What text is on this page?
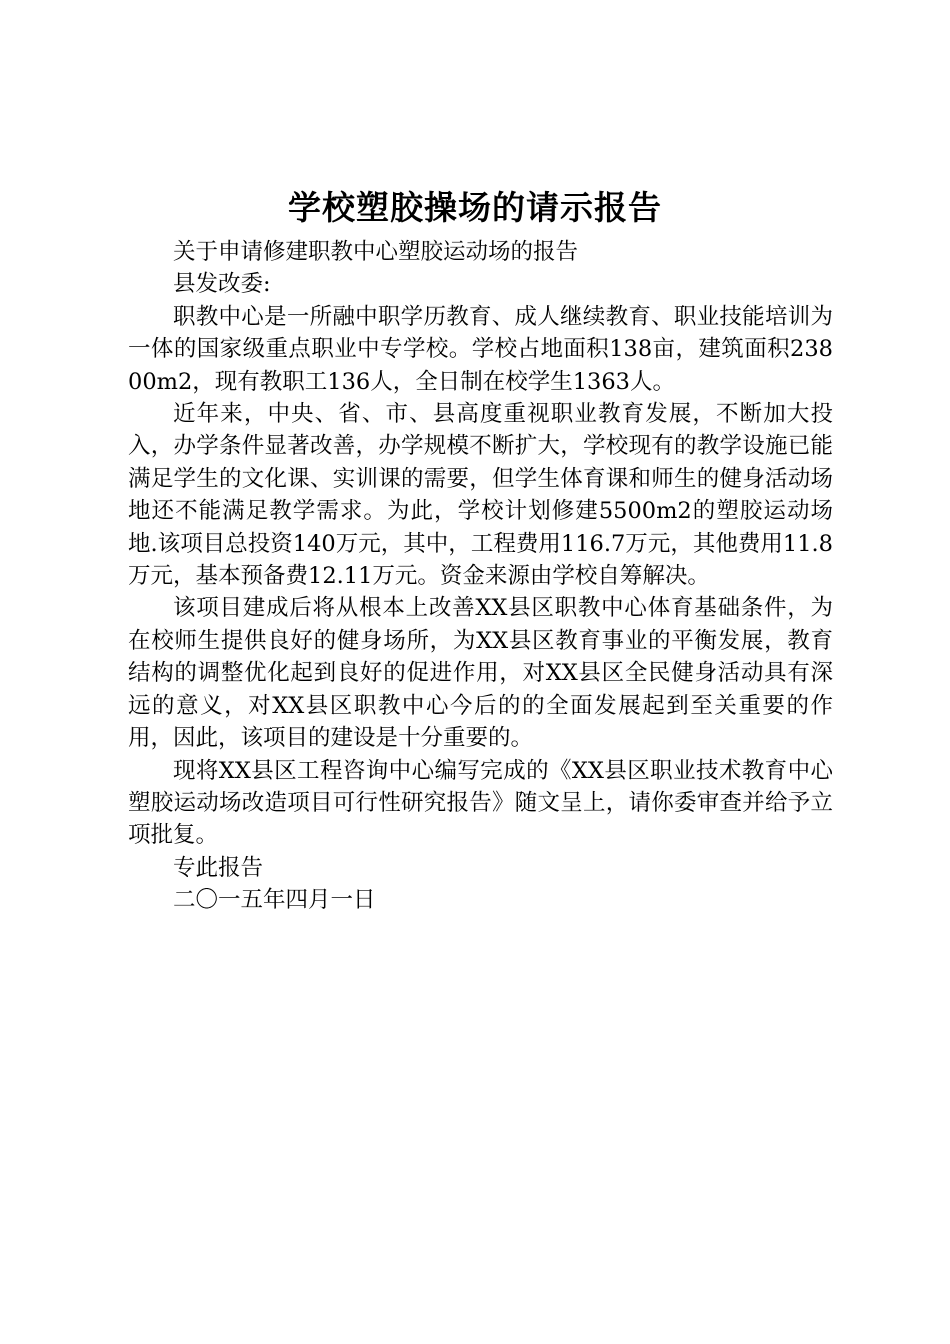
学校塑胶操场的请示报告

关于申请修建职教中心塑胶运动场的报告

县发改委:

职教中心是一所融中职学历教育、成人继续教育、职业技能培训为一体的国家级重点职业中专学校。学校占地面积138亩，建筑面积23800m2，现有教职工136人，全日制在校学生1363人。

近年来，中央、省、市、县高度重视职业教育发展，不断加大投入，办学条件显著改善，办学规模不断扩大，学校现有的教学设施已能满足学生的文化课、实训课的需要，但学生体育课和师生的健身活动场地还不能满足教学需求。为此，学校计划修建5500m2的塑胶运动场地.该项目总投资140万元，其中，工程费用116.7万元，其他费用11.8万元，基本预备费12.11万元。资金来源由学校自筹解决。

该项目建成后将从根本上改善XX县区职教中心体育基础条件，为在校师生提供良好的健身场所，为XX县区教育事业的平衡发展，教育结构的调整优化起到良好的促进作用，对XX县区全民健身活动具有深远的意义，对XX县区职教中心今后的的全面发展起到至关重要的作用，因此，该项目的建设是十分重要的。

现将XX县区工程咨询中心编写完成的《XX县区职业技术教育中心塑胶运动场改造项目可行性研究报告》随文呈上，请你委审查并给予立项批复。

专此报告

二〇一五年四月一日
